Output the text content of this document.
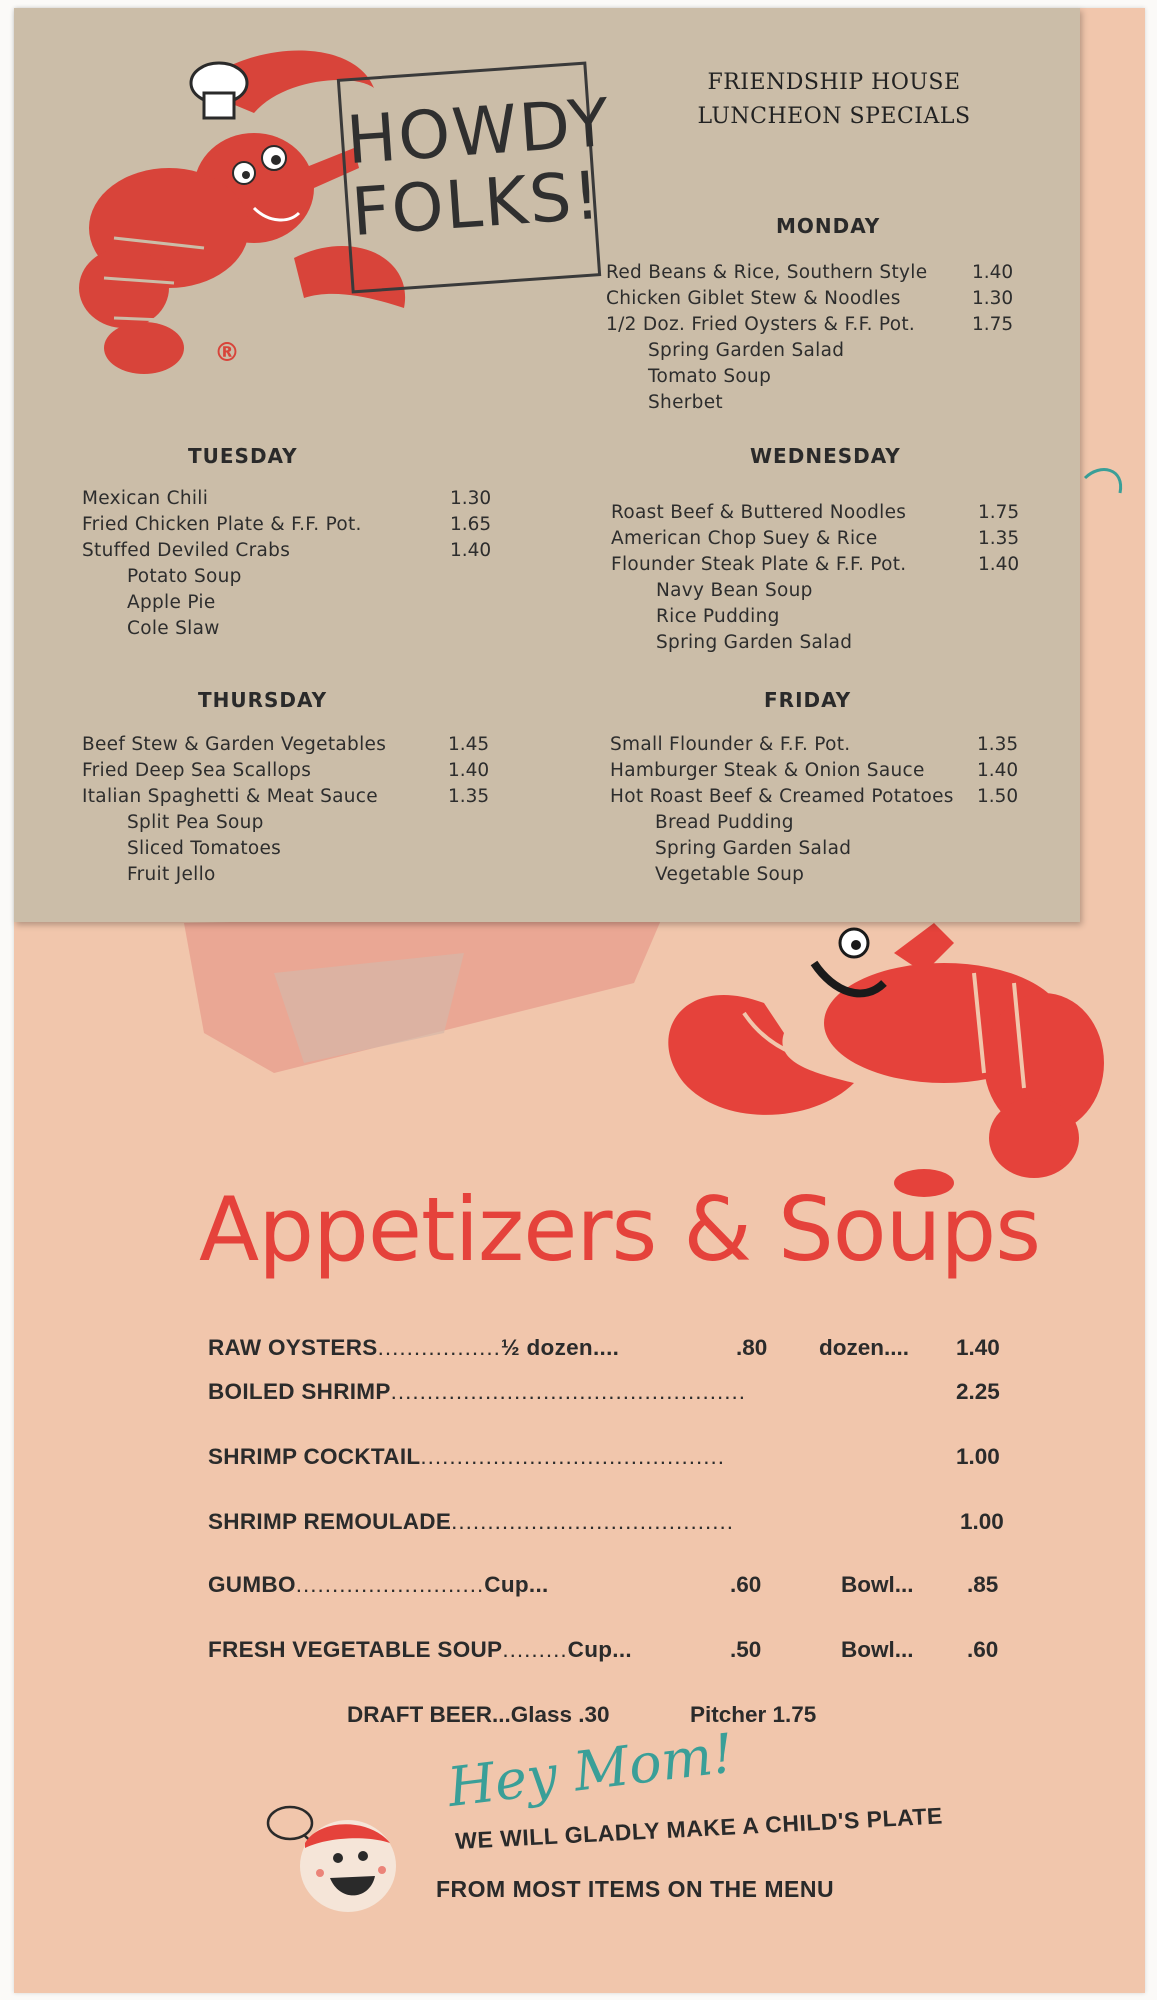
Appetizers & Soups
RAW OYSTERS.................½ dozen....	.80 dozen.... 1.40
BOILED SHRIMP.................................................	2.25
SHRIMP COCKTAIL..........................................	1.00
SHRIMP REMOULADE.......................................	1.00
GUMBO..........................Cup...	.60	Bowl... .85
FRESH VEGETABLE SOUP.........Cup...	.50	Bowl... .60
DRAFT BEER...Glass .30	Pitcher 1.75
Hey Mom!
WE WILL GLADLY MAKE A CHILD'S PLATE
FROM MOST ITEMS ON THE MENU
HOWDY
FOLKS!
®
FRIENDSHIP HOUSE
LUNCHEON SPECIALS
MONDAY
Red Beans & Rice, Southern Style 1.40
Chicken Giblet Stew & Noodles	1.30
1/2 Doz. Fried Oysters & F.F. Pot.	1.75
Spring Garden Salad
Tomato Soup
Sherbet
TUESDAY
Mexican Chili	1.30
Fried Chicken Plate & F.F. Pot.	1.65
Stuffed Deviled Crabs	1.40
Potato Soup
Apple Pie
Cole Slaw
WEDNESDAY
Roast Beef & Buttered Noodles	1.75
American Chop Suey & Rice	1.35
Flounder Steak Plate & F.F. Pot.	1.40
Navy Bean Soup
Rice Pudding
Spring Garden Salad
THURSDAY
Beef Stew & Garden Vegetables	1.45
Fried Deep Sea Scallops	1.40
Italian Spaghetti & Meat Sauce	1.35
Split Pea Soup
Sliced Tomatoes
Fruit Jello
FRIDAY
Small Flounder & F.F. Pot.	1.35
Hamburger Steak & Onion Sauce	1.40
Hot Roast Beef & Creamed Potatoes 1.50
Bread Pudding
Spring Garden Salad
Vegetable Soup
